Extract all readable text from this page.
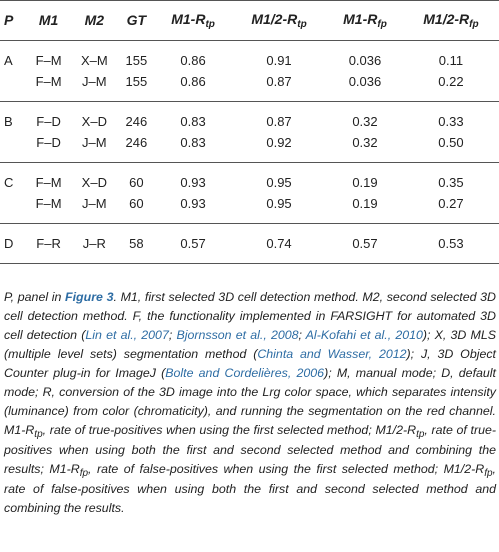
P	M1	M2	GT	$M1-R_{tp}$	$M1/2-R_{tp}$	$M1-R_{fp}$	$M1/2-R_{fp}$
A	F–M	X–M	155	0.86	0.91	0.036	0.11
	F–M	J–M	155	0.86	0.87	0.036	0.22
B	F–D	X–D	246	0.83	0.87	0.32	0.33
	F–D	J–M	246	0.83	0.92	0.32	0.50
C	F–M	X–D	60	0.93	0.95	0.19	0.35
	F–M	J–M	60	0.93	0.95	0.19	0.27
D	F–R	J–R	58	0.57	0.74	0.57	0.53
P, panel in Figure 3. M1, first selected 3D cell detection method. M2, second selected 3D cell detection method. F, the functionality implemented in FARSIGHT for automated 3D cell detection (Lin et al., 2007; Bjornsson et al., 2008; Al-Kofahi et al., 2010); X, 3D MLS (multiple level sets) segmentation method (Chinta and Wasser, 2012); J, 3D Object Counter plug-in for ImageJ (Bolte and Cordelières, 2006); M, manual mode; D, default mode; R, conversion of the 3D image into the Lrg color space, which separates intensity (luminance) from color (chromaticity), and running the segmentation on the red channel. $M1-R_{tp}$, rate of true-positives when using the first selected method; $M1/2-R_{tp}$, rate of true-positives when using both the first and second selected method and combining the results; $M1-R_{fp}$, rate of false-positives when using the first selected method; $M1/2-R_{fp}$, rate of false-positives when using both the first and second selected method and combining the results.
